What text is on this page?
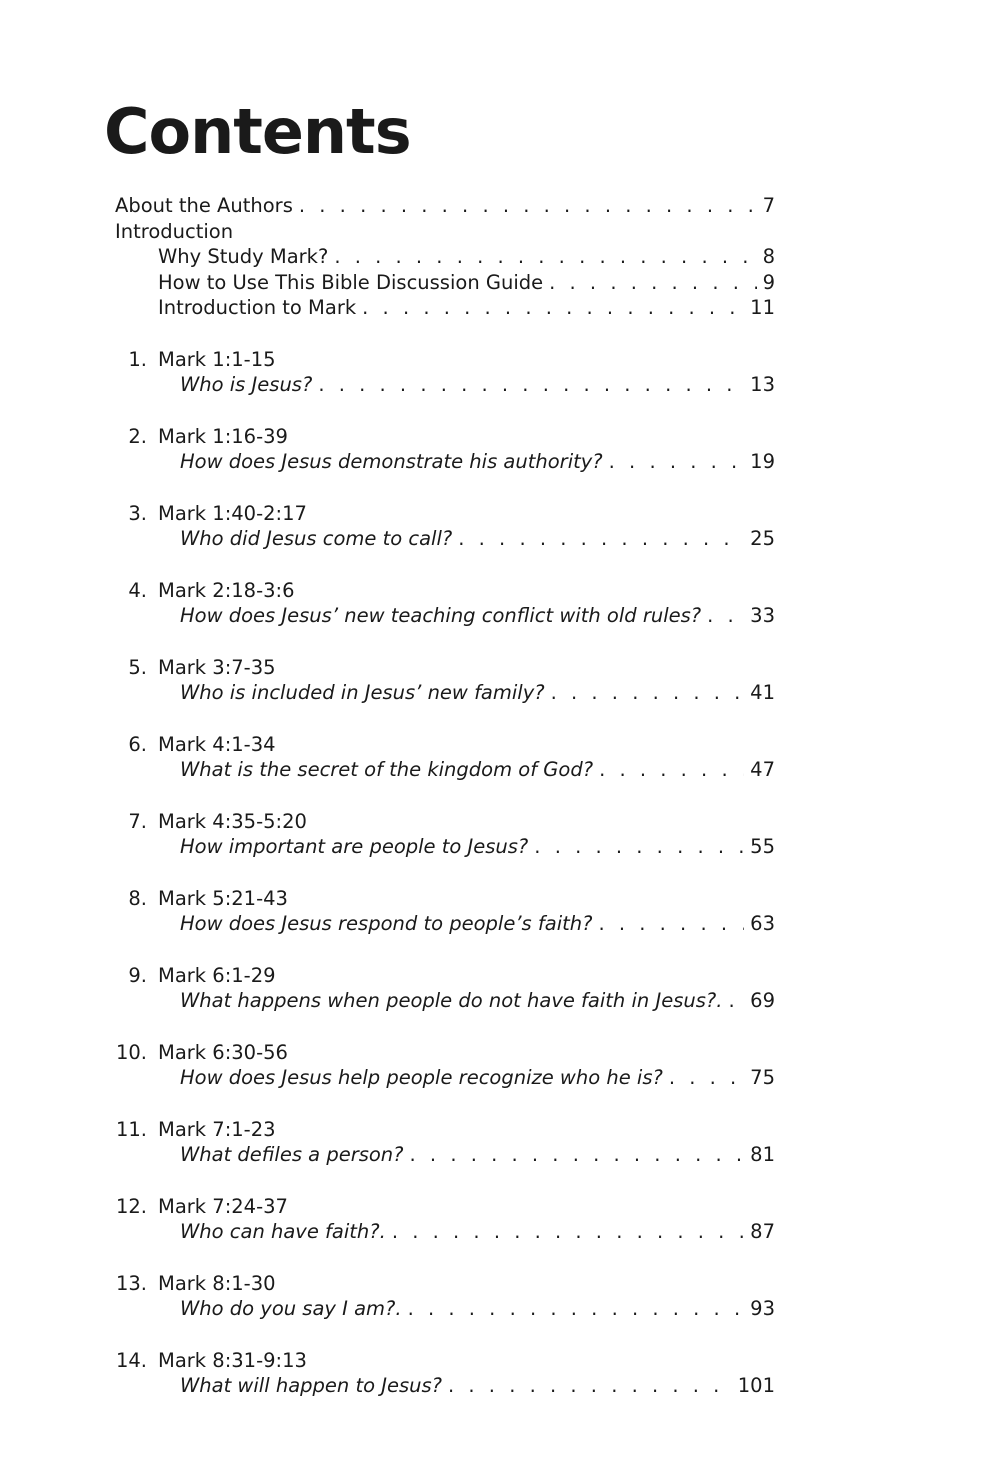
Contents
About the Authors . . .	7
Introduction
Why Study Mark? . . .	8
How to Use This Bible Discussion Guide . . .	9
Introduction to Mark . . .	11
1. Mark 1:1-15
Who is Jesus? . . .	13
2. Mark 1:16-39
How does Jesus demonstrate his authority? . . .	19
3. Mark 1:40-2:17
Who did Jesus come to call? . . .	25
4. Mark 2:18-3:6
How does Jesus’ new teaching conflict with old rules? . . .	33
5. Mark 3:7-35
Who is included in Jesus’ new family? . . .	41
6. Mark 4:1-34
What is the secret of the kingdom of God? . . .	47
7. Mark 4:35-5:20
How important are people to Jesus? . . .	55
8. Mark 5:21-43
How does Jesus respond to people’s faith? . . .	63
9. Mark 6:1-29
What happens when people do not have faith in Jesus?. . . . 69
10. Mark 6:30-56
How does Jesus help people recognize who he is? . . .	75
11. Mark 7:1-23
What defiles a person? . . .	81
12. Mark 7:24-37
Who can have faith?. . . .	87
13. Mark 8:1-30
Who do you say I am?. . . .	93
14. Mark 8:31-9:13
What will happen to Jesus? . . .	101
